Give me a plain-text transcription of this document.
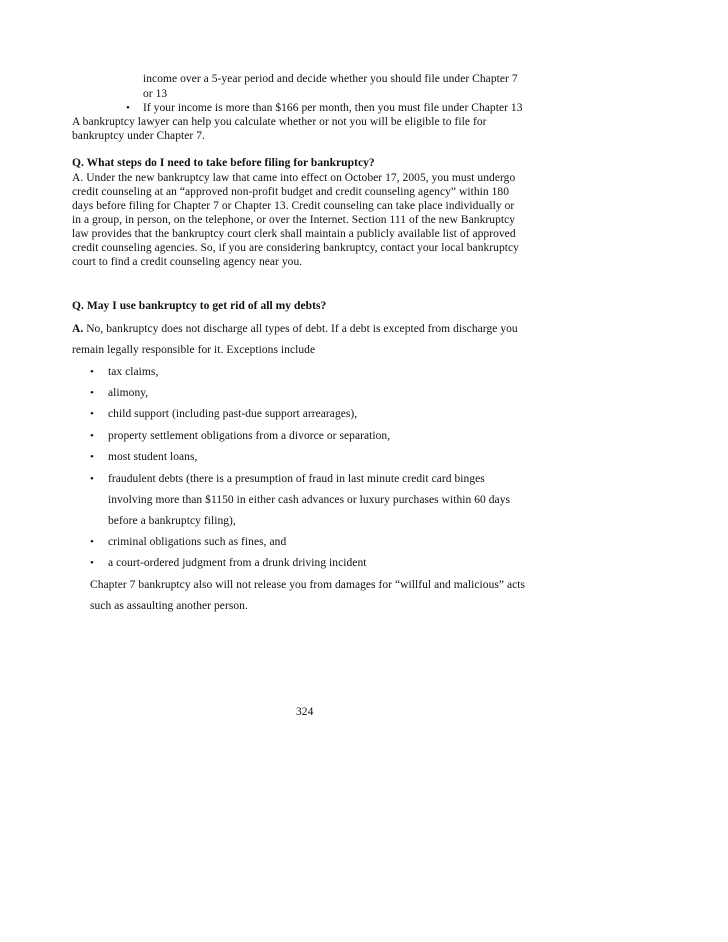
income over a 5-year period and decide whether you should file under Chapter 7
or 13
• If your income is more than $166 per month, then you must file under Chapter 13
A bankruptcy lawyer can help you calculate whether or not you will be eligible to file for
bankruptcy under Chapter 7.
Q. What steps do I need to take before filing for bankruptcy?
A. Under the new bankruptcy law that came into effect on October 17, 2005, you must undergo
credit counseling at an “approved non-profit budget and credit counseling agency” within 180
days before filing for Chapter 7 or Chapter 13. Credit counseling can take place individually or
in a group, in person, on the telephone, or over the Internet. Section 111 of the new Bankruptcy
law provides that the bankruptcy court clerk shall maintain a publicly available list of approved
credit counseling agencies. So, if you are considering bankruptcy, contact your local bankruptcy
court to find a credit counseling agency near you.
Q. May I use bankruptcy to get rid of all my debts?
A. No, bankruptcy does not discharge all types of debt. If a debt is excepted from discharge you
remain legally responsible for it. Exceptions include
• tax claims,
• alimony,
• child support (including past-due support arrearages),
• property settlement obligations from a divorce or separation,
• most student loans,
• fraudulent debts (there is a presumption of fraud in last minute credit card binges
involving more than $1150 in either cash advances or luxury purchases within 60 days
before a bankruptcy filing),
• criminal obligations such as fines, and
• a court-ordered judgment from a drunk driving incident
Chapter 7 bankruptcy also will not release you from damages for “willful and malicious” acts
such as assaulting another person.
324
